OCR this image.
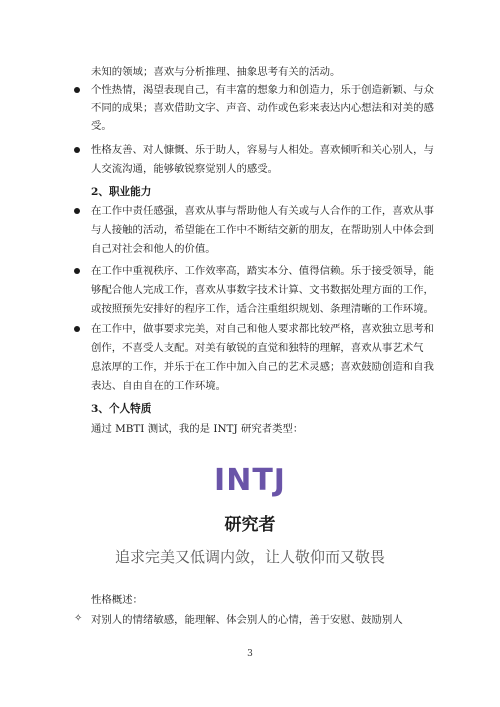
未知的领域；喜欢与分析推理、抽象思考有关的活动。
个性热情，渴望表现自己，有丰富的想象力和创造力，乐于创造新颖、与众
不同的成果；喜欢借助文字、声音、动作或色彩来表达内心想法和对美的感
受。
性格友善、对人慷慨、乐于助人，容易与人相处。喜欢倾听和关心别人，与
人交流沟通，能够敏锐察觉别人的感受。
2、职业能力
在工作中责任感强，喜欢从事与帮助他人有关或与人合作的工作，喜欢从事
与人接触的活动，希望能在工作中不断结交新的朋友，在帮助别人中体会到
自己对社会和他人的价值。
在工作中重视秩序、工作效率高，踏实本分、值得信赖。乐于接受领导，能
够配合他人完成工作，喜欢从事数字技术计算、文书数据处理方面的工作，
或按照预先安排好的程序工作，适合注重组织规划、条理清晰的工作环境。
在工作中，做事要求完美，对自己和他人要求都比较严格，喜欢独立思考和
创作，不喜受人支配。对美有敏锐的直觉和独特的理解，喜欢从事艺术气
息浓厚的工作，并乐于在工作中加入自己的艺术灵感；喜欢鼓励创造和自我
表达、自由自在的工作环境。
3、个人特质
通过 MBTI 测试，我的是 INTJ 研究者类型：
INTJ
研究者
追求完美又低调内敛，让人敬仰而又敬畏
性格概述：
✧ 对别人的情绪敏感，能理解、体会别人的心情，善于安慰、鼓励别人
3
